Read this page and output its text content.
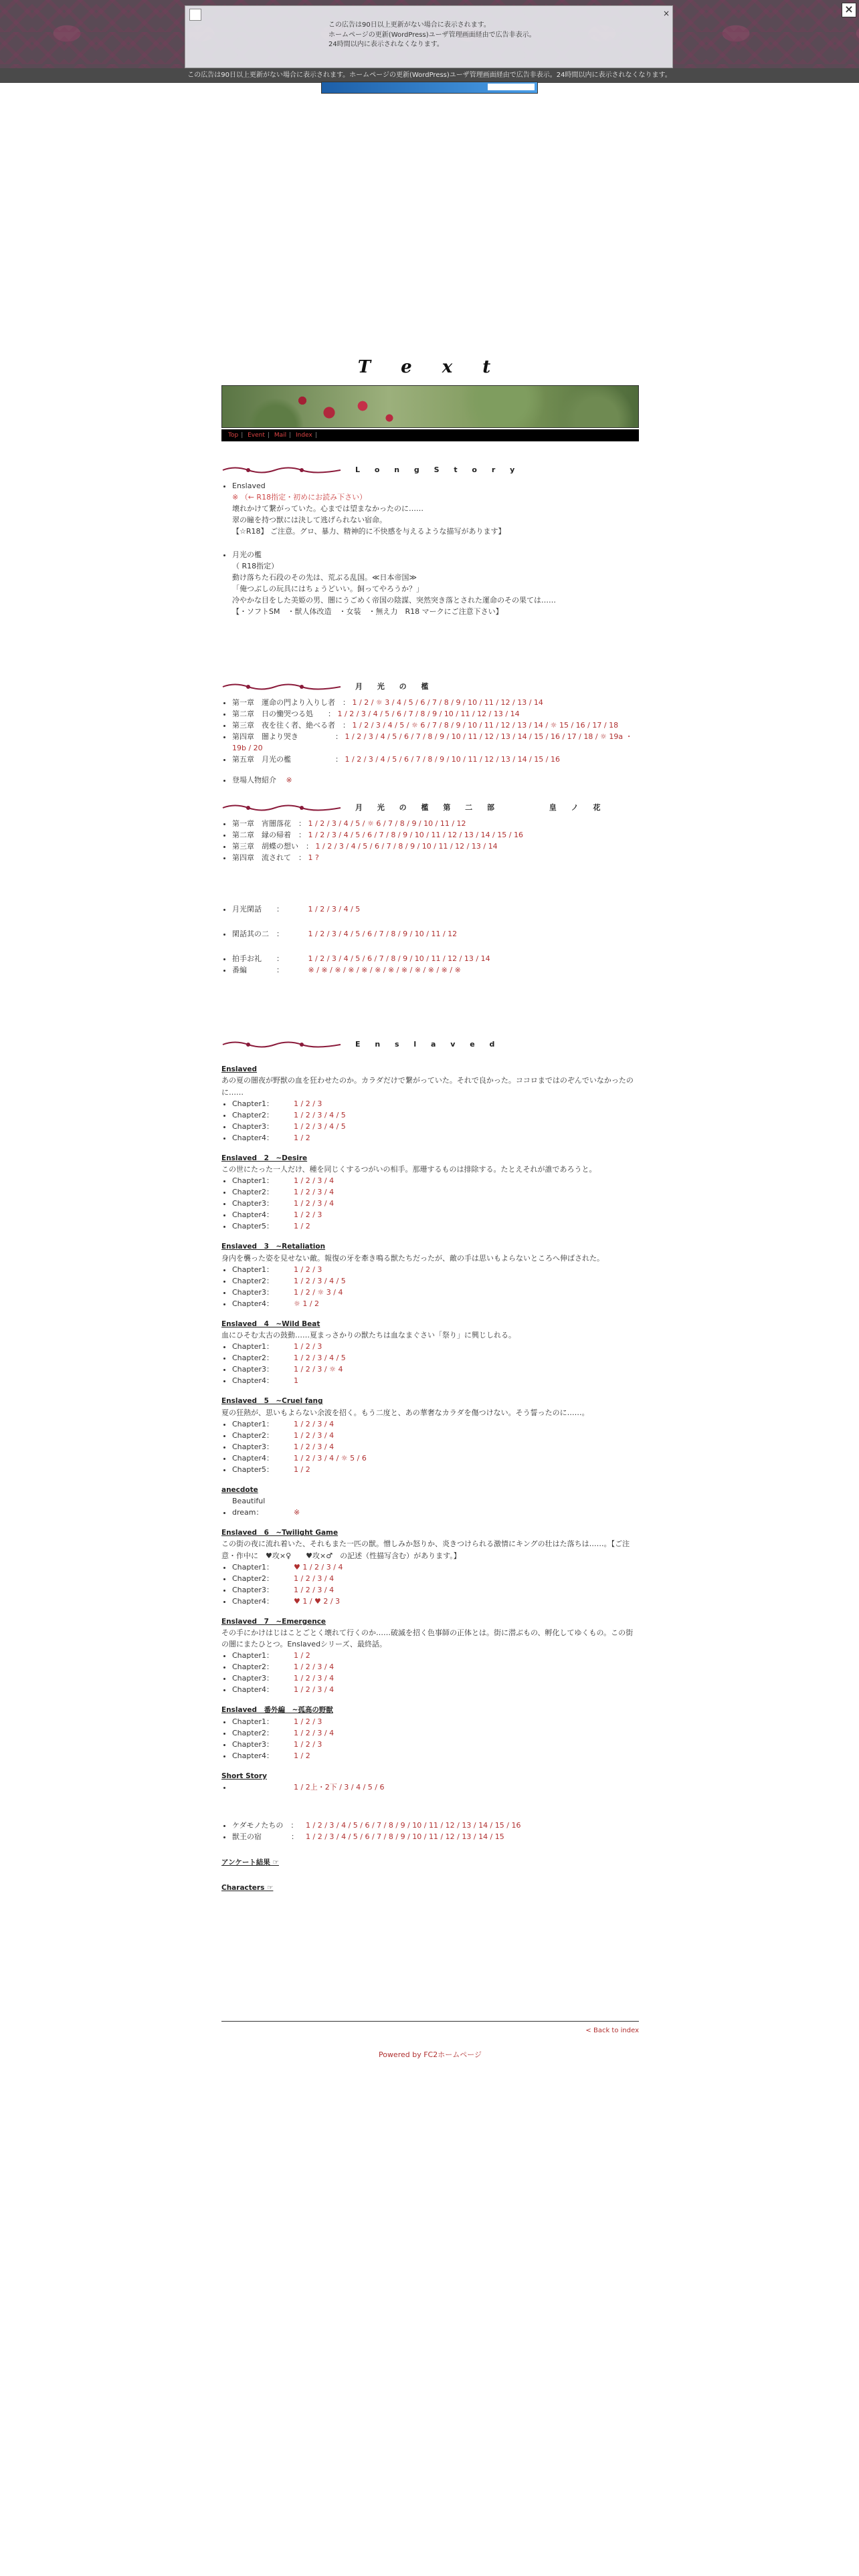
この広告は90日以上更新がない場合に表示されます。
ホームページの更新(WordPress)ユーザ管理画面経由で広告非表示。
24時間以内に表示されなくなります。
×	×
この広告は90日以上更新がない場合に表示されます。ホームページの更新(WordPress)ユーザ管理画面経由で広告非表示。24時間以内に表示されなくなります。
T e x t
Top | Event | Mail | Index |
L o n g S t o r y
• Enslaved
※ （← R18指定・初めにお読み下さい）
壊れかけて繋がっていた。心までは望まなかったのに……
翠の瞳を持つ獣には決して逃げられない宿命。
【☆R18】 ご注意。グロ、暴力、精神的に不快感を与えるような描写があります】
• 月光の檻
（ R18指定）
動け落ちた石段のその先は、荒ぶる乱国。≪日本帝国≫
「俺つぶしの玩具にはちょうどいい。飼ってやろうか？」
冷やかな目をした美姫の男、闇にうごめく帝国の陰謀、突然突き落とされた運命のその果ては……
【・ソフトSM　・獣人体改造　・女装　・無え力　R18 マークにご注意下さい】
月 光 の 檻
• 第一章　運命の門より入りし者　： 1 / 2 / ☼ 3 / 4 / 5 / 6 / 7 / 8 / 9 / 10 / 11 / 12 / 13 / 14
• 第二章　日の慟哭つる処　　： 1 / 2 / 3 / 4 / 5 / 6 / 7 / 8 / 9 / 10 / 11 / 12 / 13 / 14
• 第三章　夜を往く者、絶べる者　： 1 / 2 / 3 / 4 / 5 / ☼ 6 / 7 / 8 / 9 / 10 / 11 / 12 / 13 / 14 / ☼ 15 / 16 / 17 / 18
• 第四章　闇より哭き　　　　　： 1 / 2 / 3 / 4 / 5 / 6 / 7 / 8 / 9 / 10 / 11 / 12 / 13 / 14 / 15 / 16 / 17 / 18 / ☼ 19a ・ 19b / 20
• 第五章　月光の檻　　　　　　： 1 / 2 / 3 / 4 / 5 / 6 / 7 / 8 / 9 / 10 / 11 / 12 / 13 / 14 / 15 / 16
• 登場人物紹介　 ※
月 光 の 檻 第 二 部　　　 皇 ノ 花
• 第一章　宵闇落花　： 1 / 2 / 3 / 4 / 5 / ☼ 6 / 7 / 8 / 9 / 10 / 11 / 12
• 第二章　縁の帰着　： 1 / 2 / 3 / 4 / 5 / 6 / 7 / 8 / 9 / 10 / 11 / 12 / 13 / 14 / 15 / 16
• 第三章　胡蝶の想い　： 1 / 2 / 3 / 4 / 5 / 6 / 7 / 8 / 9 / 10 / 11 / 12 / 13 / 14
• 第四章　流されて　： 1 ?
• 月光閑話　　：	1 / 2 / 3 / 4 / 5
• 閑話其の二　：	1 / 2 / 3 / 4 / 5 / 6 / 7 / 8 / 9 / 10 / 11 / 12
• 拍手お礼　　：	1 / 2 / 3 / 4 / 5 / 6 / 7 / 8 / 9 / 10 / 11 / 12 / 13 / 14
• 番編　　　　：	※ / ※ / ※ / ※ / ※ / ※ / ※ / ※ / ※ / ※ / ※ / ※
E n s l a v e d
Enslaved
あの夏の闇夜が野獣の血を狂わせたのか。カラダだけで繋がっていた。それで良かった。ココロまではのぞんでいなかったのに……
• Chapter1：	1 / 2 / 3
• Chapter2：	1 / 2 / 3 / 4 / 5
• Chapter3：	1 / 2 / 3 / 4 / 5
• Chapter4：	1 / 2
Enslaved　2　~Desire
この世にたった一人だけ、種を同じくするつがいの相手。那珊するものは排除する。たとえそれが誰であろうと。
• Chapter1：	1 / 2 / 3 / 4
• Chapter2：	1 / 2 / 3 / 4
• Chapter3：	1 / 2 / 3 / 4
• Chapter4：	1 / 2 / 3
• Chapter5：	1 / 2
Enslaved　3　~Retaliation
身内を襲った姿を見せない敵。報復の牙を牽き鳴る獣たちだったが、敵の手は思いもよらないところへ伸ばされた。
• Chapter1：	1 / 2 / 3
• Chapter2：	1 / 2 / 3 / 4 / 5
• Chapter3：	1 / 2 / ☼ 3 / 4
• Chapter4：	☼ 1 / 2
Enslaved　4　~Wild Beat
血にひそむ太古の鼓動……夏まっさかりの獣たちは血なまぐさい「祭り」に興じしれる。
• Chapter1：	1 / 2 / 3
• Chapter2：	1 / 2 / 3 / 4 / 5
• Chapter3：	1 / 2 / 3 / ☼ 4
• Chapter4：	1
Enslaved　5　~Cruel fang
夏の狂熱が、思いもよらない余波を招く。もう二度と、あの華奢なカラダを傷つけない。そう誓ったのに……。
• Chapter1：	1 / 2 / 3 / 4
• Chapter2：	1 / 2 / 3 / 4
• Chapter3：	1 / 2 / 3 / 4
• Chapter4：	1 / 2 / 3 / 4 / ☼ 5 / 6
• Chapter5：	1 / 2
anecdote
• Beautiful dream：	※
Enslaved　6　~Twilight Game
この街の夜に流れ着いた、それもまた一匹の獣。憎しみか怒りか、炎きつけられる激情にキングの壮はた落ちは……。【ご注意・作中に　♥攻×♀　　♥攻×♂　の記述（性描写含む）があります。】
• Chapter1：	♥ 1 / 2 / 3 / 4
• Chapter2：	1 / 2 / 3 / 4
• Chapter3：	1 / 2 / 3 / 4
• Chapter4：	♥ 1 / ♥ 2 / 3
Enslaved　7　~Emergence
その手にかけはじはことごとく壊れて行くのか……破滅を招く色事師の正体とは。街に潜ぶもの、孵化してゆくもの。この街の闇にまたひとつ。Enslavedシリーズ、最終話。
• Chapter1：	1 / 2
• Chapter2：	1 / 2 / 3 / 4
• Chapter3：	1 / 2 / 3 / 4
• Chapter4：	1 / 2 / 3 / 4
Enslaved　番外編　~孤高の野獣
• Chapter1：	1 / 2 / 3
• Chapter2：	1 / 2 / 3 / 4
• Chapter3：	1 / 2 / 3
• Chapter4：	1 / 2
Short Story
• 1 / 2上・2下 / 3 / 4 / 5 / 6
• ケダモノたちの　： 1 / 2 / 3 / 4 / 5 / 6 / 7 / 8 / 9 / 10 / 11 / 12 / 13 / 14 / 15 / 16
• 獣王の宿　　　　： 1 / 2 / 3 / 4 / 5 / 6 / 7 / 8 / 9 / 10 / 11 / 12 / 13 / 14 / 15
アンケート結果 ☞
Characters ☞
< Back to index
Powered by FC2ホームページ
